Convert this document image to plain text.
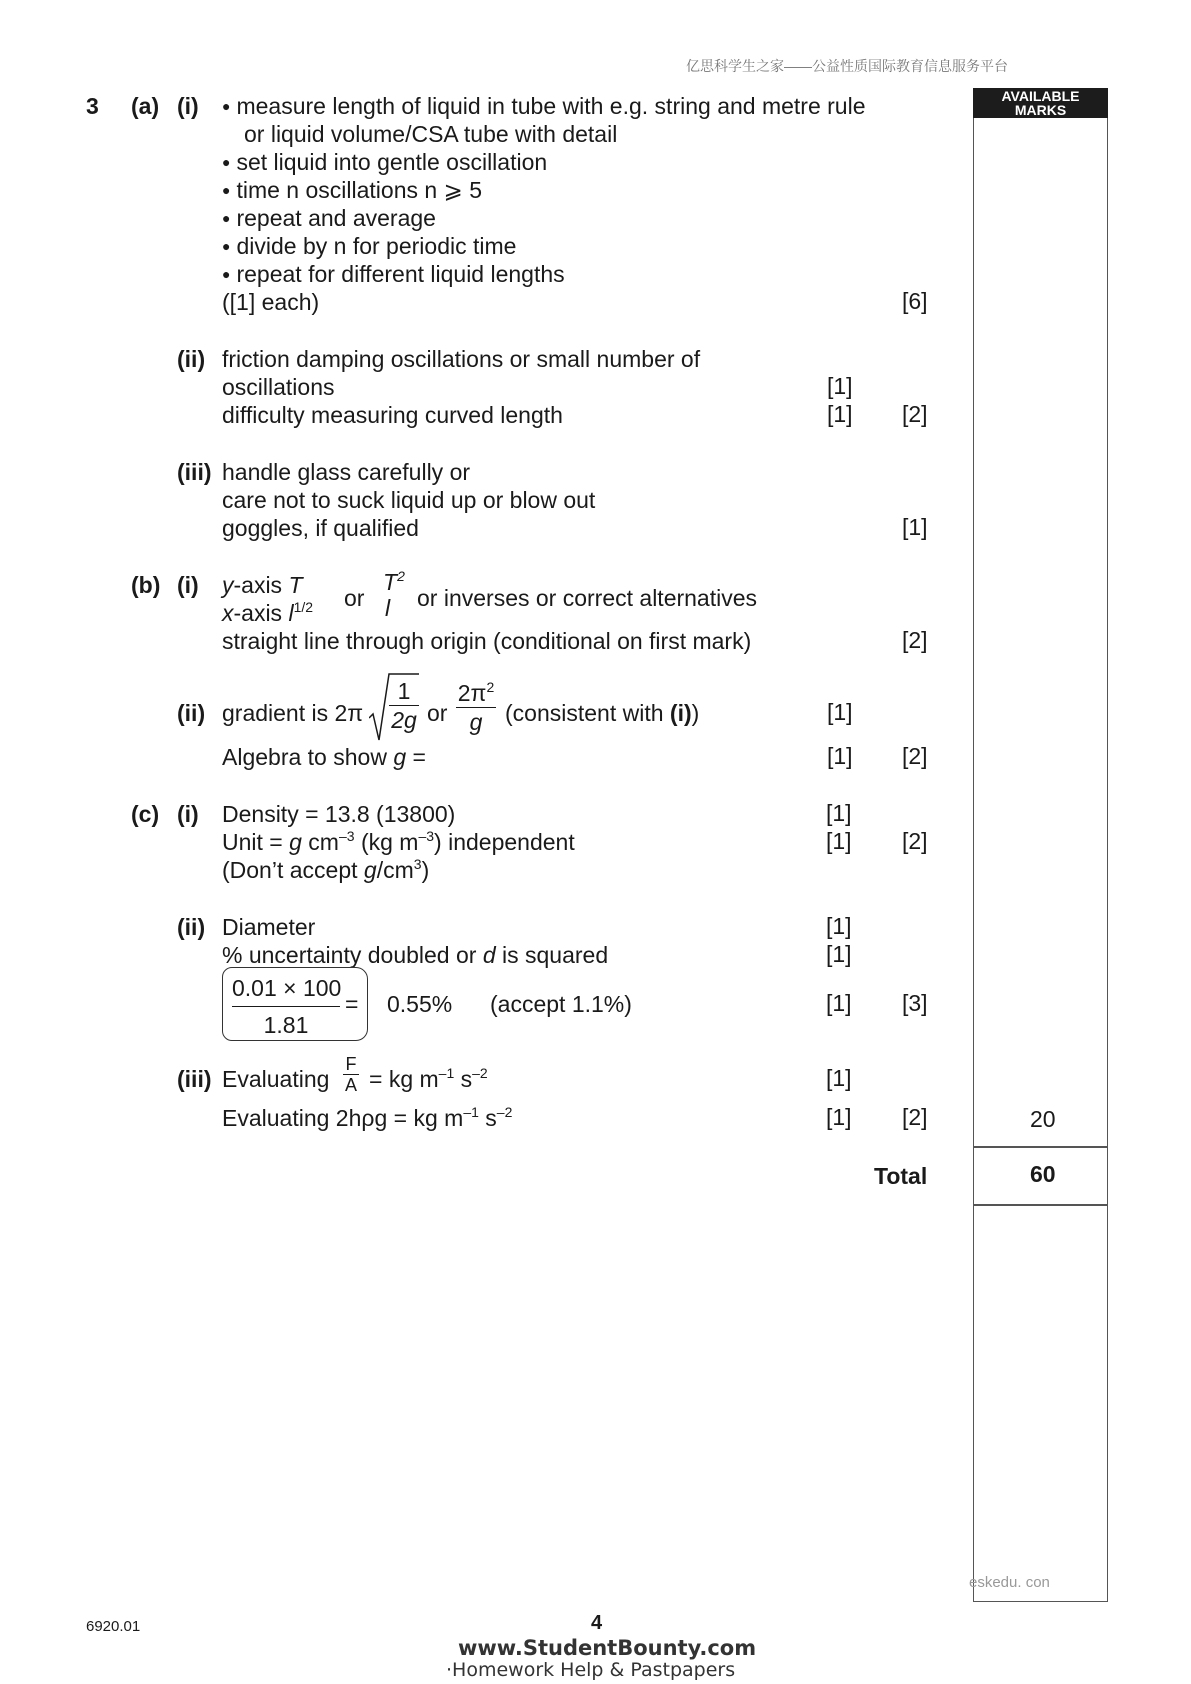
亿思科学生之家——公益性质国际教育信息服务平台
AVAILABLE
MARKS
20
Total	60
3 (a) (i)
●	measure length of liquid in tube with e.g. string and metre rule
or liquid volume/CSA tube with detail
● set liquid into gentle oscillation
● time n oscillations n ⩾ 5
● repeat and average
● divide by n for periodic time
● repeat for different liquid lengths
([1] each)	[6]
(ii) friction damping oscillations or small number of
oscillations
difficulty measuring curved length
[1]
[1] [2]
(iii) handle glass carefully or
care not to suck liquid up or blow out
goggles, if qualified	[1]
(b) (i) y-axis T
x-axis $l^{1/2}$ or
$T^2$
l	or inverses or correct alternatives
straight line through origin (conditional on first mark)	[2]
(ii) gradient is $2\pi \frac{1}{2g}$ or $\frac{2\pi^2}{g}$ (consistent with (i))
Algebra to show g =
[1]
[1] [2]
(c) (i) Density = 13.8 (13800)
Unit = g $cm^{-3}$ (kg $m^{-3}$) independent
(Don’t accept $g/cm^3$)
[1]
[1] [2]
(ii) Diameter
% uncertainty doubled or d is squared
$\frac{0.01 \times 100}{1.81} = 0.55\%$ (accept 1.1%)
[1]
[1]
[1] [3]
(iii) Evaluating $\frac{F}{A}$ = kg $m^{-1}$ $s^{-2}$
Evaluating 2hρg = kg $m^{-1}$ $s^{-2}$
[1]
[1] [2]
eskedu. con
6920.01	4
www.StudentBounty.com
·Homework Help & Pastpapers
